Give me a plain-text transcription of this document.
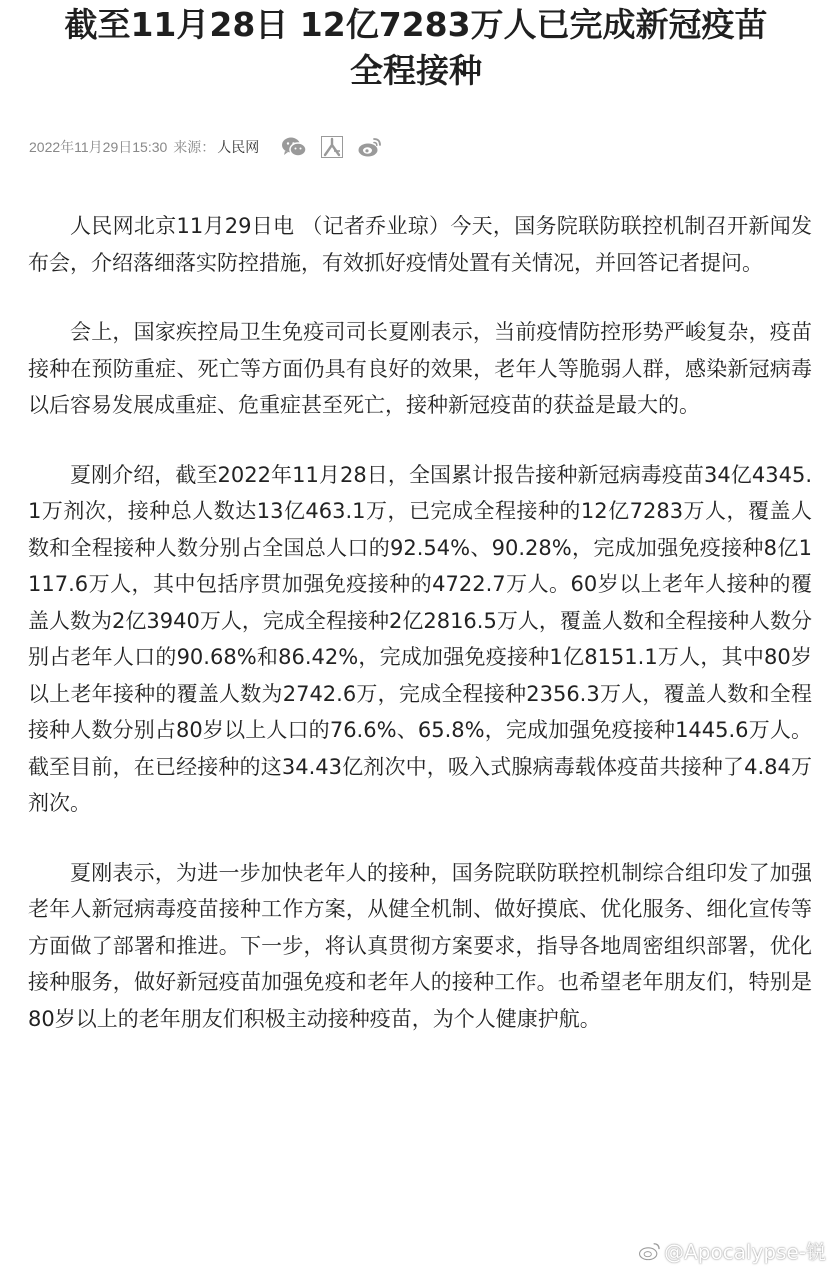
截至11月28日 12亿7283万人已完成新冠疫苗
全程接种
2022年11月29日15:30 来源： 人民网

人民网北京11月29日电 （记者乔业琼）今天，国务院联防联控机制召开新闻发布会，介绍落细落实防控措施，有效抓好疫情处置有关情况，并回答记者提问。

会上，国家疾控局卫生免疫司司长夏刚表示，当前疫情防控形势严峻复杂，疫苗接种在预防重症、死亡等方面仍具有良好的效果，老年人等脆弱人群，感染新冠病毒以后容易发展成重症、危重症甚至死亡，接种新冠疫苗的获益是最大的。

夏刚介绍，截至2022年11月28日，全国累计报告接种新冠病毒疫苗34亿4345.1万剂次，接种总人数达13亿463.1万，已完成全程接种的12亿7283万人，覆盖人数和全程接种人数分别占全国总人口的92.54%、90.28%，完成加强免疫接种8亿1117.6万人，其中包括序贯加强免疫接种的4722.7万人。60岁以上老年人接种的覆盖人数为2亿3940万人，完成全程接种2亿2816.5万人，覆盖人数和全程接种人数分别占老年人口的90.68%和86.42%，完成加强免疫接种1亿8151.1万人，其中80岁以上老年接种的覆盖人数为2742.6万，完成全程接种2356.3万人，覆盖人数和全程接种人数分别占80岁以上人口的76.6%、65.8%，完成加强免疫接种1445.6万人。截至目前，在已经接种的这34.43亿剂次中，吸入式腺病毒载体疫苗共接种了4.84万剂次。

夏刚表示，为进一步加快老年人的接种，国务院联防联控机制综合组印发了加强老年人新冠病毒疫苗接种工作方案，从健全机制、做好摸底、优化服务、细化宣传等方面做了部署和推进。下一步，将认真贯彻方案要求，指导各地周密组织部署，优化接种服务，做好新冠疫苗加强免疫和老年人的接种工作。也希望老年朋友们，特别是80岁以上的老年朋友们积极主动接种疫苗，为个人健康护航。

@Apocalypse-锐
